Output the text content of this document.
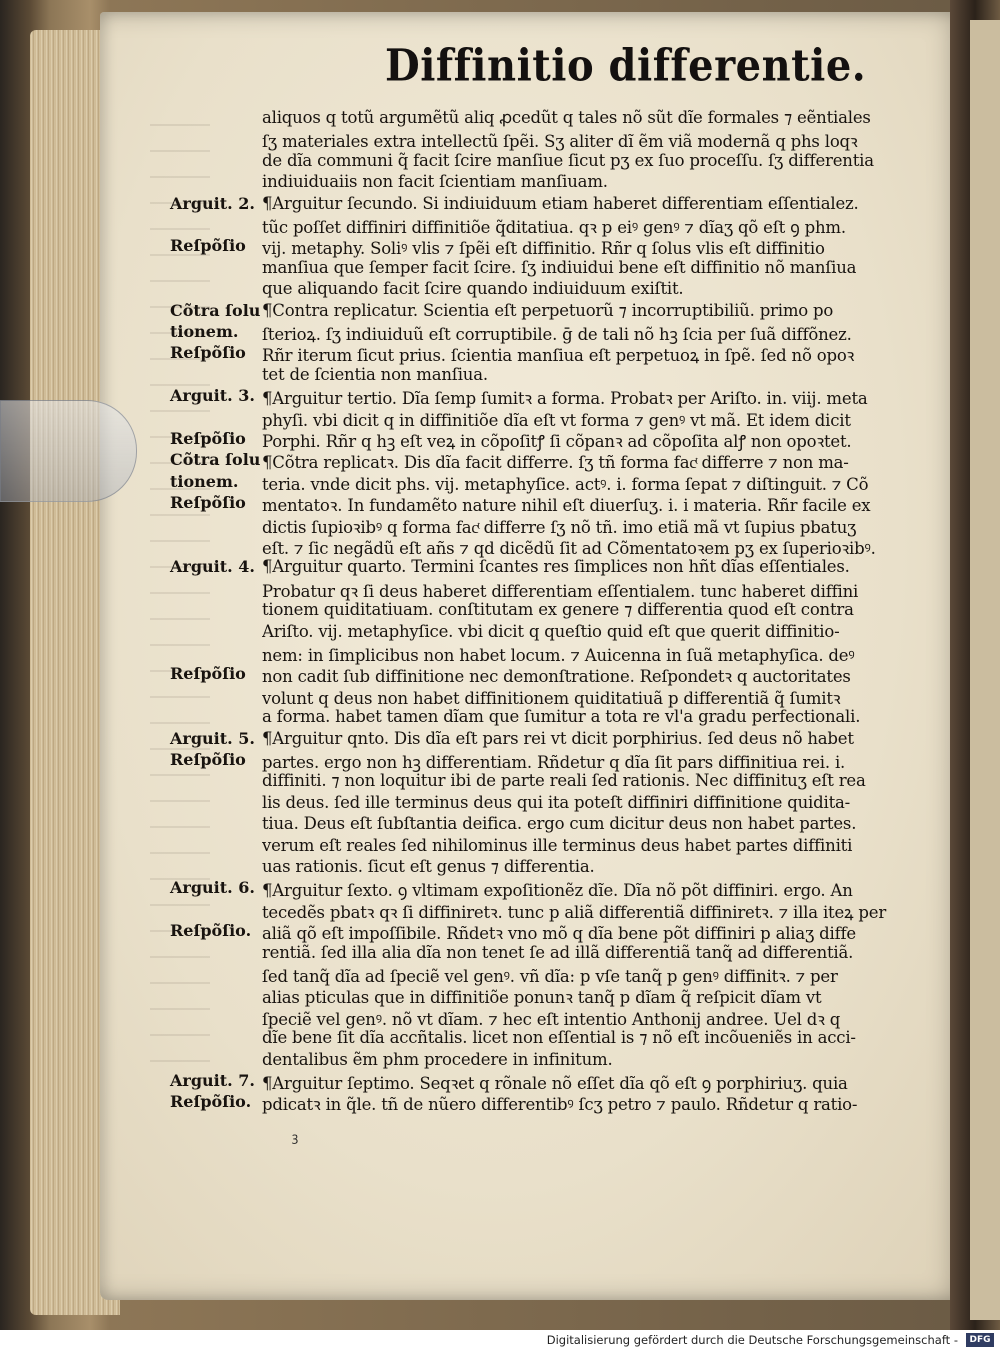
Diffinitio differentie.
aliquos q totũ argumẽtũ aliq ꝓcedũt q tales nõ sũt dĩe formales ⁊ eẽntiales
ſʒ materiales extra intellectũ ſpẽi. Sʒ aliter dĩ ẽm viã modernã q phs loqꝛ
de dĩa communi q̃ facit ſcire manſiue ſicut pʒ ex ſuo proceſſu. ſʒ differentia
indiuiduaiis non facit ſcientiam manſiuam.
¶Arguitur ſecundo. Si indiuiduum etiam haberet differentiam eſſentialez.
tũc poſſet diffiniri diffinitiõe q̃ditatiua. qꝛ p eiꝰ genꝰ ⁊ dĩaʒ qõ eſt ꝯ phm.
vij. metaphy. Soliꝰ vlis ⁊ ſpẽi eſt diffinitio. Rñr q ſolus vlis eſt diffinitio
manſiua que ſemper facit ſcire. ſʒ indiuidui bene eſt diffinitio nõ manſiua
que aliquando facit ſcire quando indiuiduum exiſtit.
¶Contra replicatur. Scientia eſt perpetuorũ ⁊ incorruptibiliũ. primo po
ſterioꝝ. ſʒ indiuiduũ eſt corruptibile. ḡ de tali nõ hꝫ ſcia per ſuã diffõnez.
Rñr iterum ſicut prius. ſcientia manſiua eſt perpetuoꝝ in ſpẽ. ſed nõ opoꝛ
tet de ſcientia non manſiua.
¶Arguitur tertio. Dĩa ſemp ſumitꝛ a forma. Probatꝛ per Ariſto. in. viij. meta
phyſi. vbi dicit q in diffinitiõe dĩa eſt vt forma ⁊ genꝰ vt mã. Et idem dicit
Porphi. Rñr q hꝫ eſt veꝝ in cõpoſitꝭ ſi cõpanꝛ ad cõpoſita alꝭ non opoꝛtet.
¶Cõtra replicatꝛ. Dis dĩa facit differre. ſʒ tñ forma facͭ differre ⁊ non ma-
teria. vnde dicit phs. vij. metaphyſice. actꝰ. i. forma ſepat ⁊ diſtinguit. ⁊ Cõ
mentatoꝛ. In fundamẽto nature nihil eſt diuerſuʒ. i. i materia. Rñr facile ex
dictis ſupioꝛibꝰ q forma facͭ differre ſʒ nõ tñ. imo etiã mã vt ſupius pbatuʒ
eſt. ⁊ ſic negãdũ eſt añs ⁊ qd dicẽdũ ſit ad Cõmentatoꝛem pʒ ex ſuperioꝛibꝰ.
¶Arguitur quarto. Termini ſcantes res ſimplices non hñt dĩas eſſentiales.
Probatur qꝛ ſi deus haberet differentiam eſſentialem. tunc haberet diffini
tionem quiditatiuam. conſtitutam ex genere ⁊ differentia quod eſt contra
Ariſto. vij. metaphyſice. vbi dicit q queſtio quid eſt que querit diffinitio-
nem: in ſimplicibus non habet locum. ⁊ Auicenna in ſuã metaphyſica. deꝰ
non cadit ſub diffinitione nec demonſtratione. Reſpondetꝛ q auctoritates
volunt q deus non habet diffinitionem quiditatiuã p differentiã q̃ ſumitꝛ
a forma. habet tamen dĩam que ſumitur a tota re vl'a gradu perfectionali.
¶Arguitur qnto. Dis dĩa eſt pars rei vt dicit porphirius. ſed deus nõ habet
partes. ergo non hꝫ differentiam. Rñdetur q dĩa ſit pars diffinitiua rei. i.
diffiniti. ⁊ non loquitur ibi de parte reali ſed rationis. Nec diffinituʒ eſt rea
lis deus. ſed ille terminus deus qui ita poteſt diffiniri diffinitione quidita-
tiua. Deus eſt ſubſtantia deifica. ergo cum dicitur deus non habet partes.
verum eſt reales ſed nihilominus ille terminus deus habet partes diffiniti
uas rationis. ſicut eſt genus ⁊ differentia.
¶Arguitur ſexto. ꝯ vltimam expoſitionẽz dĩe. Dĩa nõ põt diffiniri. ergo. An
tecedẽs pbatꝛ qꝛ ſi diffiniretꝛ. tunc p aliã differentiã diffiniretꝛ. ⁊ illa iteꝝ per
aliã qõ eſt impoſſibile. Rñdetꝛ vno mõ q dĩa bene põt diffiniri p aliaʒ diffe
rentiã. ſed illa alia dĩa non tenet ſe ad illã differentiã tanq̃ ad differentiã.
ſed tanq̃ dĩa ad ſpeciẽ vel genꝰ. vñ dĩa: p vſe tanq̃ p genꝰ diffinitꝛ. ⁊ per
alias pticulas que in diffinitiõe ponunꝛ tanq̃ p dĩam q̃ reſpicit dĩam vt
ſpeciẽ vel genꝰ. nõ vt dĩam. ⁊ hec eſt intentio Anthonij andree. Uel dꝛ q
dĩe bene ſit dĩa accñtalis. licet non eſſential is ⁊ nõ eſt incõueniẽs in acci-
dentalibus ẽm phm procedere in infinitum.
¶Arguitur ſeptimo. Seqꝛet q rõnale nõ eſſet dĩa qõ eſt ꝯ porphiriuʒ. quia
pdicatꝛ in q̃le. tñ de nũero differentibꝰ ſcʒ petro ⁊ paulo. Rñdetur q ratio-
Arguit. 2.
Reſpõſio
Cõtra ſolu
tionem.
Reſpõſio
Arguit. 3.
Reſpõſio
Cõtra ſolu
tionem.
Reſpõſio
Arguit. 4.
Reſpõſio
Arguit. 5.
Reſpõſio
Arguit. 6.
Reſpõſio.
Arguit. 7.
Reſpõſio.
ꝫ
Digitalisierung gefördert durch die Deutsche Forschungsgemeinschaft -	DFG
